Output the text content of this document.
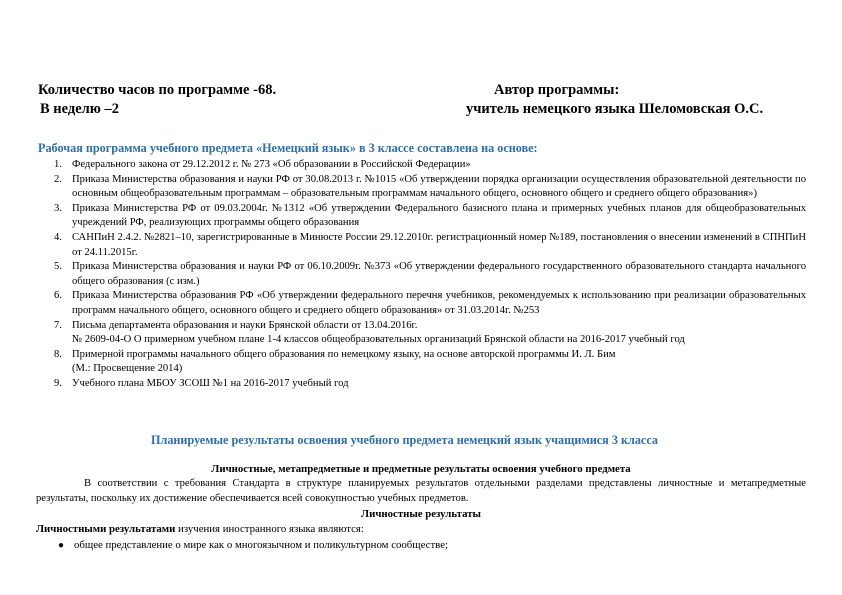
Количество часов по программе -68.
В неделю –2
Автор программы:
учитель немецкого языка Шеломовская О.С.
Рабочая программа учебного предмета «Немецкий язык» в 3 классе составлена на основе:
1. Федерального закона от 29.12.2012 г. № 273 «Об образовании в Российской Федерации»
2. Приказа Министерства образования и науки РФ от 30.08.2013 г. №1015 «Об утверждении порядка организации осуществления образовательной деятельности по основным общеобразовательным программам – образовательным программам начального общего, основного общего и среднего общего образования»)
3. Приказа Министерства РФ от 09.03.2004г. №1312 «Об утверждении Федерального базисного плана и примерных учебных планов для общеобразовательных учреждений РФ, реализующих программы общего образования
4. САНПиН 2.4.2. №2821–10, зарегистрированные в Минюсте России 29.12.2010г. регистрационный номер №189, постановления о внесении изменений в СПНПиН от 24.11.2015г.
5. Приказа Министерства образования и науки РФ от 06.10.2009г. №373 «Об утверждении федерального государственного образовательного стандарта начального общего образования (с изм.)
6. Приказа Министерства образования РФ «Об утверждении федерального перечня учебников, рекомендуемых к использованию при реализации образовательных программ начального общего, основного общего и среднего общего образования» от 31.03.2014г. №253
7. Письма департамента образования и науки Брянской области от 13.04.2016г.
№ 2609-04-О О примерном учебном плане 1-4 классов общеобразовательных организаций Брянской области на 2016-2017 учебный год
8. Примерной программы начального общего образования по немецкому языку, на основе авторской программы И. Л. Бим
(М.: Просвещение 2014)
9. Учебного плана МБОУ ЗСОШ №1 на 2016-2017 учебный год
Планируемые результаты освоения учебного предмета немецкий язык учащимися 3 класса
Личностные, метапредметные и предметные результаты освоения учебного предмета
В соответствии с требования Стандарта в структуре планируемых результатов отдельными разделами представлены личностные и метапредметные результаты, поскольку их достижение обеспечивается всей совокупностью учебных предметов.
Личностные результаты
Личностными результатами изучения иностранного языка являются:
● общее представление о мире как о многоязычном и поликультурном сообществе;
